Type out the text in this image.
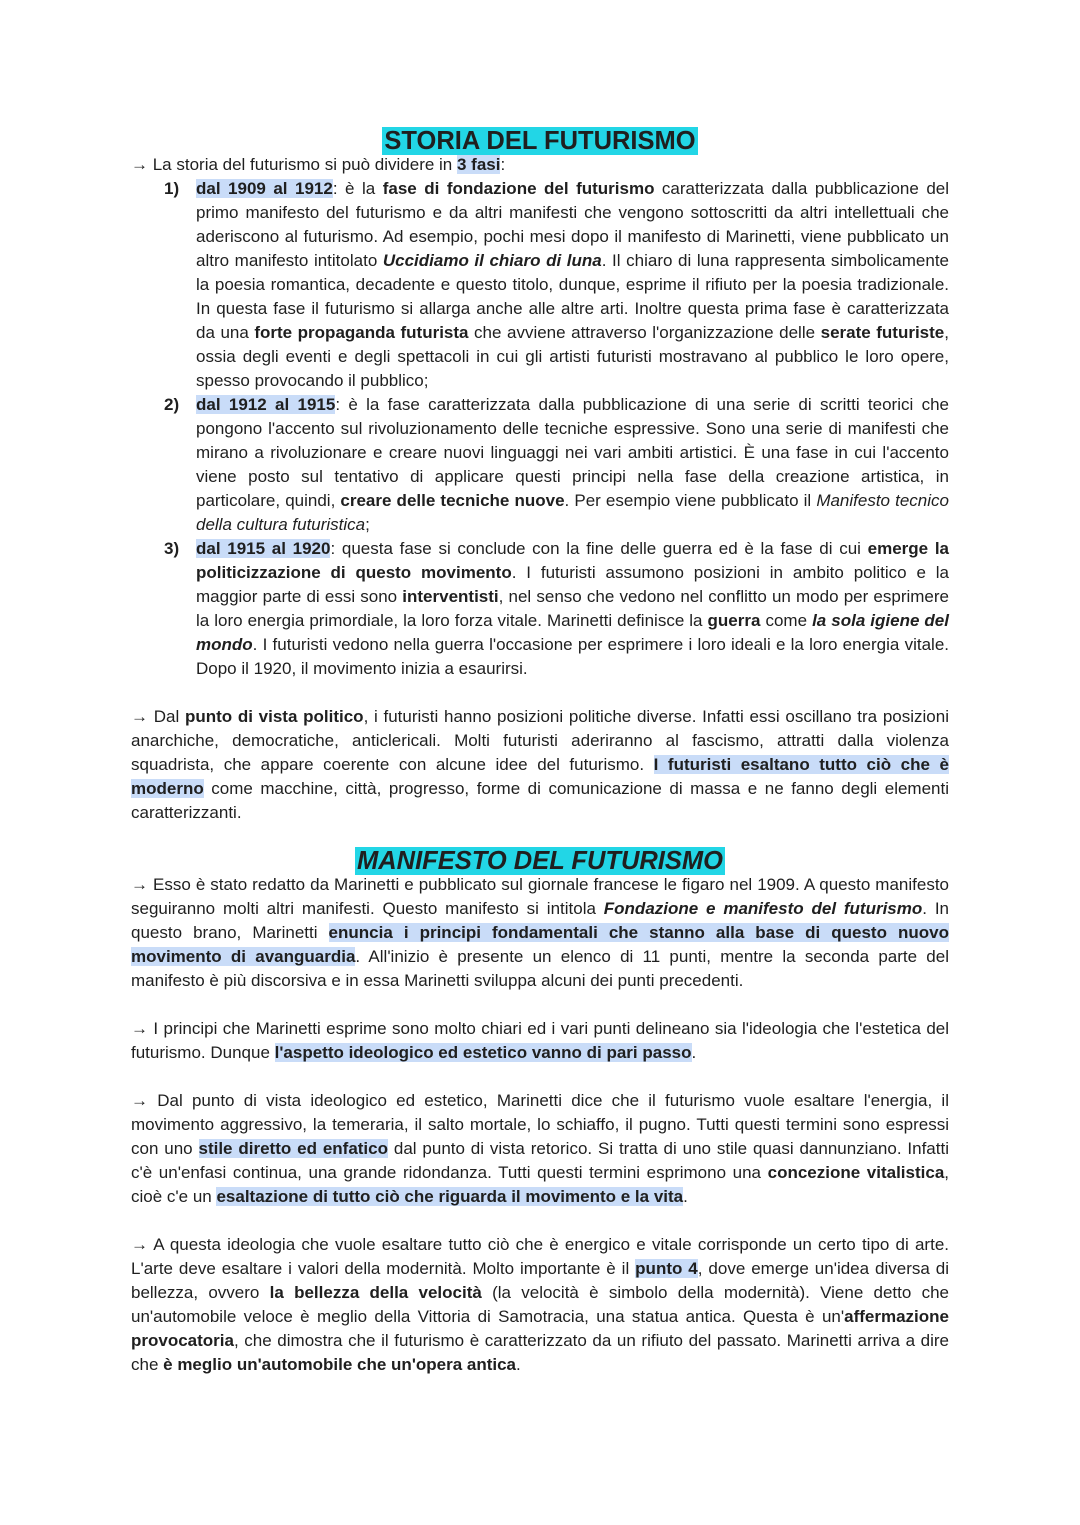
STORIA DEL FUTURISMO

→ La storia del futurismo si può dividere in 3 fasi:

1) dal 1909 al 1912: è la fase di fondazione del futurismo caratterizzata dalla pubblicazione del primo manifesto del futurismo e da altri manifesti che vengono sottoscritti da altri intellettuali che aderiscono al futurismo. Ad esempio, pochi mesi dopo il manifesto di Marinetti, viene pubblicato un altro manifesto intitolato Uccidiamo il chiaro di luna. Il chiaro di luna rappresenta simbolicamente la poesia romantica, decadente e questo titolo, dunque, esprime il rifiuto per la poesia tradizionale. In questa fase il futurismo si allarga anche alle altre arti. Inoltre questa prima fase è caratterizzata da una forte propaganda futurista che avviene attraverso l'organizzazione delle serate futuriste, ossia degli eventi e degli spettacoli in cui gli artisti futuristi mostravano al pubblico le loro opere, spesso provocando il pubblico;
2) dal 1912 al 1915: è la fase caratterizzata dalla pubblicazione di una serie di scritti teorici che pongono l'accento sul rivoluzionamento delle tecniche espressive. Sono una serie di manifesti che mirano a rivoluzionare e creare nuovi linguaggi nei vari ambiti artistici. È una fase in cui l'accento viene posto sul tentativo di applicare questi principi nella fase della creazione artistica, in particolare, quindi, creare delle tecniche nuove. Per esempio viene pubblicato il Manifesto tecnico della cultura futuristica;
3) dal 1915 al 1920: questa fase si conclude con la fine delle guerra ed è la fase di cui emerge la politicizzazione di questo movimento. I futuristi assumono posizioni in ambito politico e la maggior parte di essi sono interventisti, nel senso che vedono nel conflitto un modo per esprimere la loro energia primordiale, la loro forza vitale. Marinetti definisce la guerra come la sola igiene del mondo. I futuristi vedono nella guerra l'occasione per esprimere i loro ideali e la loro energia vitale. Dopo il 1920, il movimento inizia a esaurirsi.

→ Dal punto di vista politico, i futuristi hanno posizioni politiche diverse. Infatti essi oscillano tra posizioni anarchiche, democratiche, anticlericali. Molti futuristi aderiranno al fascismo, attratti dalla violenza squadrista, che appare coerente con alcune idee del futurismo. I futuristi esaltano tutto ciò che è moderno come macchine, città, progresso, forme di comunicazione di massa e ne fanno degli elementi caratterizzanti.

MANIFESTO DEL FUTURISMO

→ Esso è stato redatto da Marinetti e pubblicato sul giornale francese le figaro nel 1909. A questo manifesto seguiranno molti altri manifesti. Questo manifesto si intitola Fondazione e manifesto del futurismo. In questo brano, Marinetti enuncia i principi fondamentali che stanno alla base di questo nuovo movimento di avanguardia. All'inizio è presente un elenco di 11 punti, mentre la seconda parte del manifesto è più discorsiva e in essa Marinetti sviluppa alcuni dei punti precedenti.

→ I principi che Marinetti esprime sono molto chiari ed i vari punti delineano sia l'ideologia che l'estetica del futurismo. Dunque l'aspetto ideologico ed estetico vanno di pari passo.

→ Dal punto di vista ideologico ed estetico, Marinetti dice che il futurismo vuole esaltare l'energia, il movimento aggressivo, la temeraria, il salto mortale, lo schiaffo, il pugno. Tutti questi termini sono espressi con uno stile diretto ed enfatico dal punto di vista retorico. Si tratta di uno stile quasi dannunziano. Infatti c'è un'enfasi continua, una grande ridondanza. Tutti questi termini esprimono una concezione vitalistica, cioè c'e un esaltazione di tutto ciò che riguarda il movimento e la vita.

→ A questa ideologia che vuole esaltare tutto ciò che è energico e vitale corrisponde un certo tipo di arte. L'arte deve esaltare i valori della modernità. Molto importante è il punto 4, dove emerge un'idea diversa di bellezza, ovvero la bellezza della velocità (la velocità è simbolo della modernità). Viene detto che un'automobile veloce è meglio della Vittoria di Samotracia, una statua antica. Questa è un'affermazione provocatoria, che dimostra che il futurismo è caratterizzato da un rifiuto del passato. Marinetti arriva a dire che è meglio un'automobile che un'opera antica.
